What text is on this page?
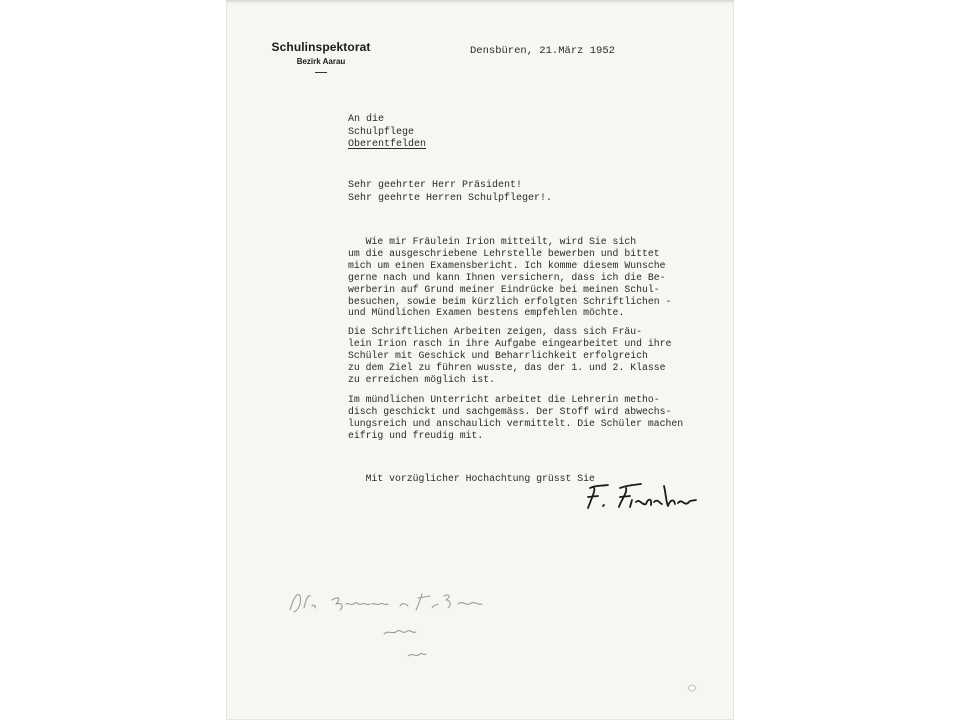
Schulinspektorat
Bezirk Aarau
Densbüren, 21.März 1952
An die
Schulpflege
Oberentfelden
Sehr geehrter Herr Präsident!
Sehr geehrte Herren Schulpfleger!.
Wie mir Fräulein Irion mitteilt, wird Sie sich
um die ausgeschriebene Lehrstelle bewerben und bittet
mich um einen Examensbericht. Ich komme diesem Wunsche
gerne nach und kann Ihnen versichern, dass ich die Be-
werberin auf Grund meiner Eindrücke bei meinen Schul-
besuchen, sowie beim kürzlich erfolgten Schriftlichen -
und Mündlichen Examen bestens empfehlen möchte.
Die Schriftlichen Arbeiten zeigen, dass sich Fräu-
lein Irion rasch in ihre Aufgabe eingearbeitet und ihre
Schüler mit Geschick und Beharrlichkeit erfolgreich
zu dem Ziel zu führen wusste, das der 1. und 2. Klasse
zu erreichen möglich ist.
Im mündlichen Unterricht arbeitet die Lehrerin metho-
disch geschickt und sachgemäss. Der Stoff wird abwechs-
lungsreich und anschaulich vermittelt. Die Schüler machen
eifrig und freudig mit.
Mit vorzüglicher Hochachtung grüsst Sie
